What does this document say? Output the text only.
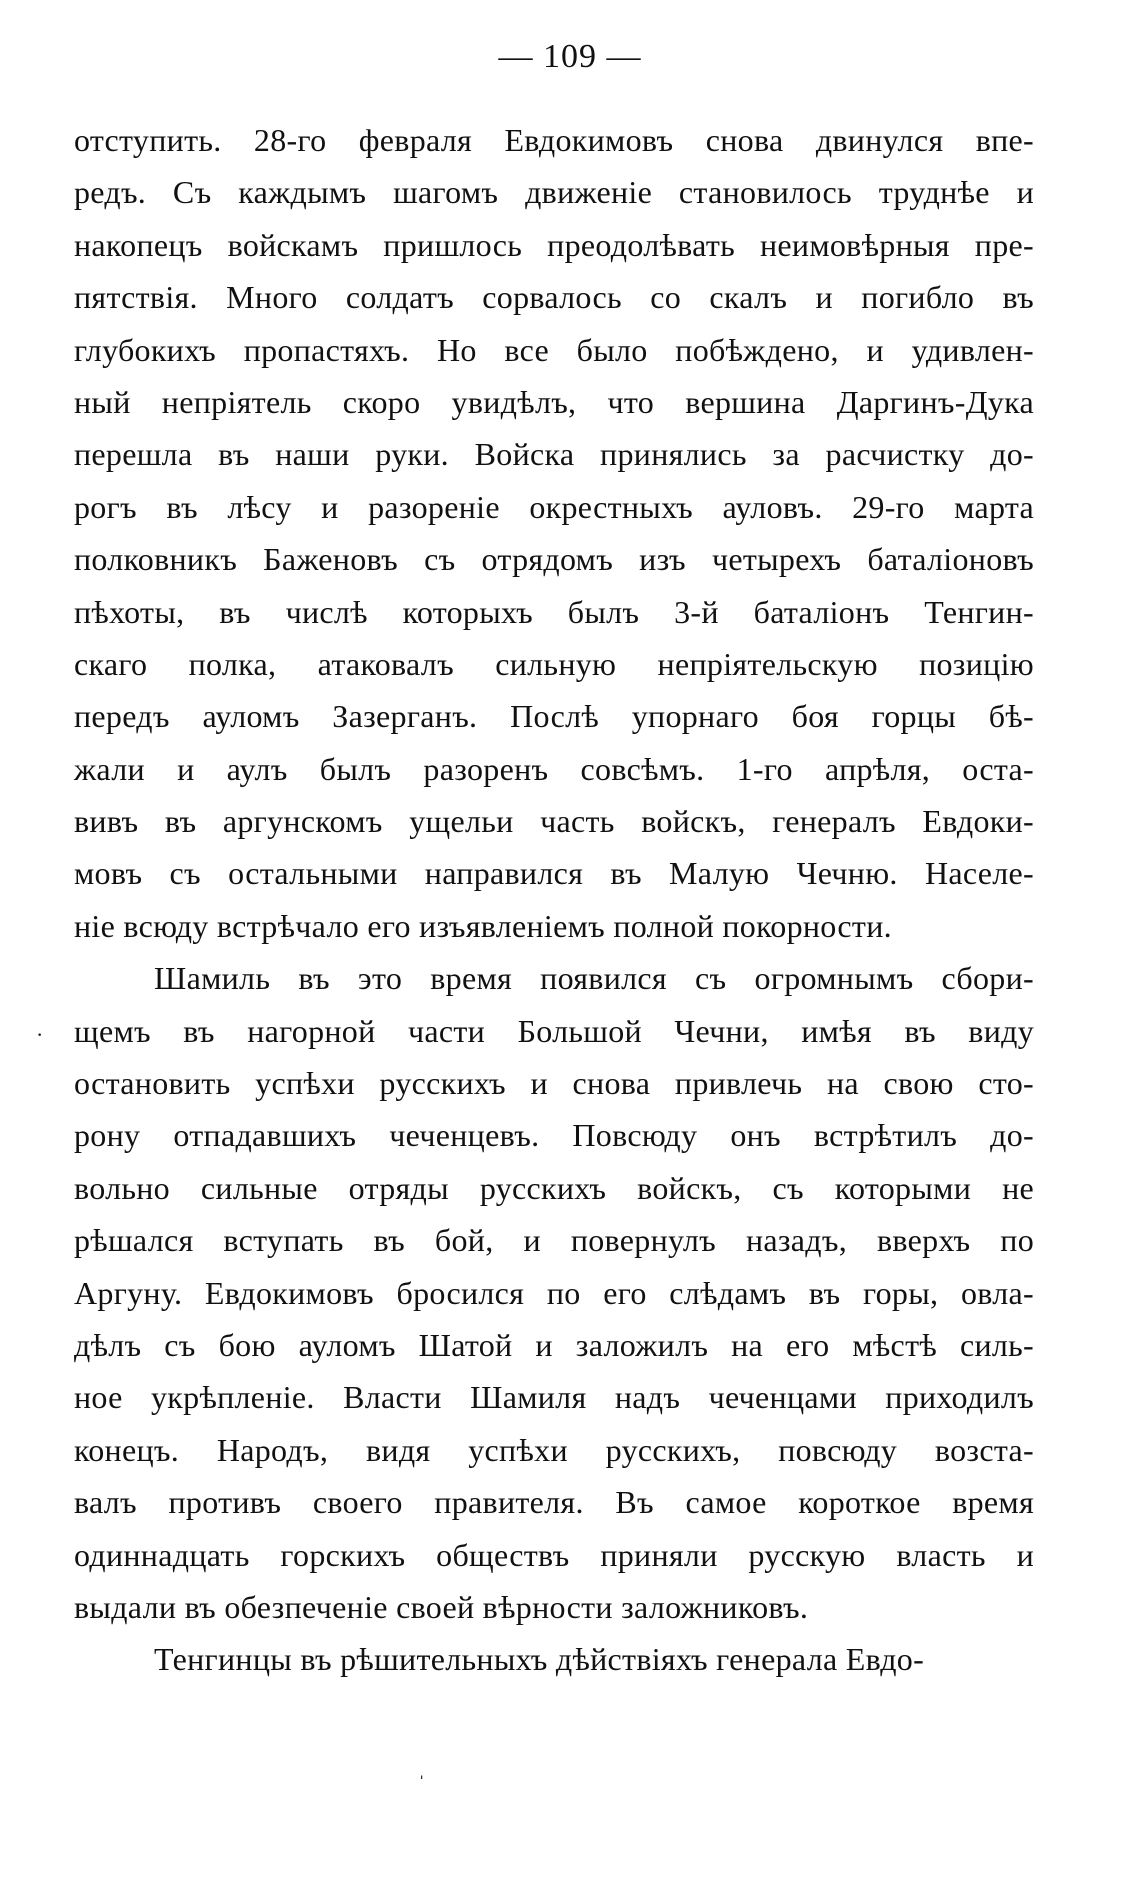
— 109 —
отступить. 28-го февраля Евдокимовъ снова двинулся впе-
редъ. Съ каждымъ шагомъ движеніе становилось труднѣе и
накопецъ войскамъ пришлось преодолѣвать неимовѣрныя пре-
пятствія. Много солдатъ сорвалось со скалъ и погибло въ
глубокихъ пропастяхъ. Но все было побѣждено, и удивлен-
ный непріятель скоро увидѣлъ, что вершина Даргинъ-Дука
перешла въ наши руки. Войска принялись за расчистку до-
рогъ въ лѣсу и разореніе окрестныхъ ауловъ. 29-го марта
полковникъ Баженовъ съ отрядомъ изъ четырехъ баталіоновъ
пѣхоты, въ числѣ которыхъ былъ 3-й баталіонъ Тенгин-
скаго полка, атаковалъ сильную непріятельскую позицію
передъ ауломъ Зазерганъ. Послѣ упорнаго боя горцы бѣ-
жали и аулъ былъ разоренъ совсѣмъ. 1-го апрѣля, оста-
вивъ въ аргунскомъ ущельи часть войскъ, генералъ Евдоки-
мовъ съ остальными направился въ Малую Чечню. Населе-
ніе всюду встрѣчало его изъявленіемъ полной покорности.
Шамиль въ это время появился съ огромнымъ сбори-
щемъ въ нагорной части Большой Чечни, имѣя въ виду
остановить успѣхи русскихъ и снова привлечь на свою сто-
рону отпадавшихъ чеченцевъ. Повсюду онъ встрѣтилъ до-
вольно сильные отряды русскихъ войскъ, съ которыми не
рѣшался вступать въ бой, и повернулъ назадъ, вверхъ по
Аргуну. Евдокимовъ бросился по его слѣдамъ въ горы, овла-
дѣлъ съ бою ауломъ Шатой и заложилъ на его мѣстѣ силь-
ное укрѣпленіе. Власти Шамиля надъ чеченцами приходилъ
конецъ. Народъ, видя успѣхи русскихъ, повсюду возста-
валъ противъ своего правителя. Въ самое короткое время
одиннадцать горскихъ обществъ приняли русскую власть и
выдали въ обезпеченіе своей вѣрности заложниковъ.
Тенгинцы въ рѣшительныхъ дѣйствіяхъ генерала Евдо-
·
ˌ
